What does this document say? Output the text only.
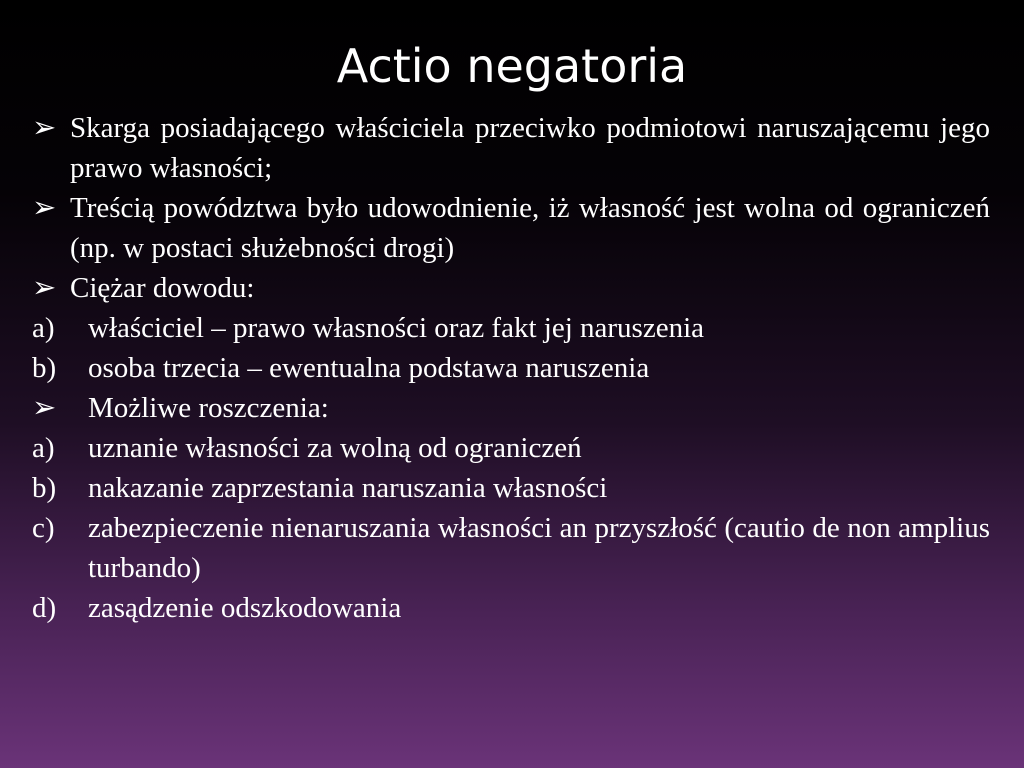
Actio negatoria
➢ Skarga posiadającego właściciela przeciwko podmiotowi naruszającemu jego prawo własności;
➢ Treścią powództwa było udowodnienie, iż własność jest wolna od ograniczeń (np. w postaci służebności drogi)
➢ Ciężar dowodu:
a)	właściciel – prawo własności oraz fakt jej naruszenia
b)	osoba trzecia – ewentualna podstawa naruszenia
➢	Możliwe roszczenia:
a)	uznanie własności za wolną od ograniczeń
b)	nakazanie zaprzestania naruszania własności
c)	zabezpieczenie nienaruszania własności an przyszłość (cautio de non amplius turbando)
d)	zasądzenie odszkodowania
